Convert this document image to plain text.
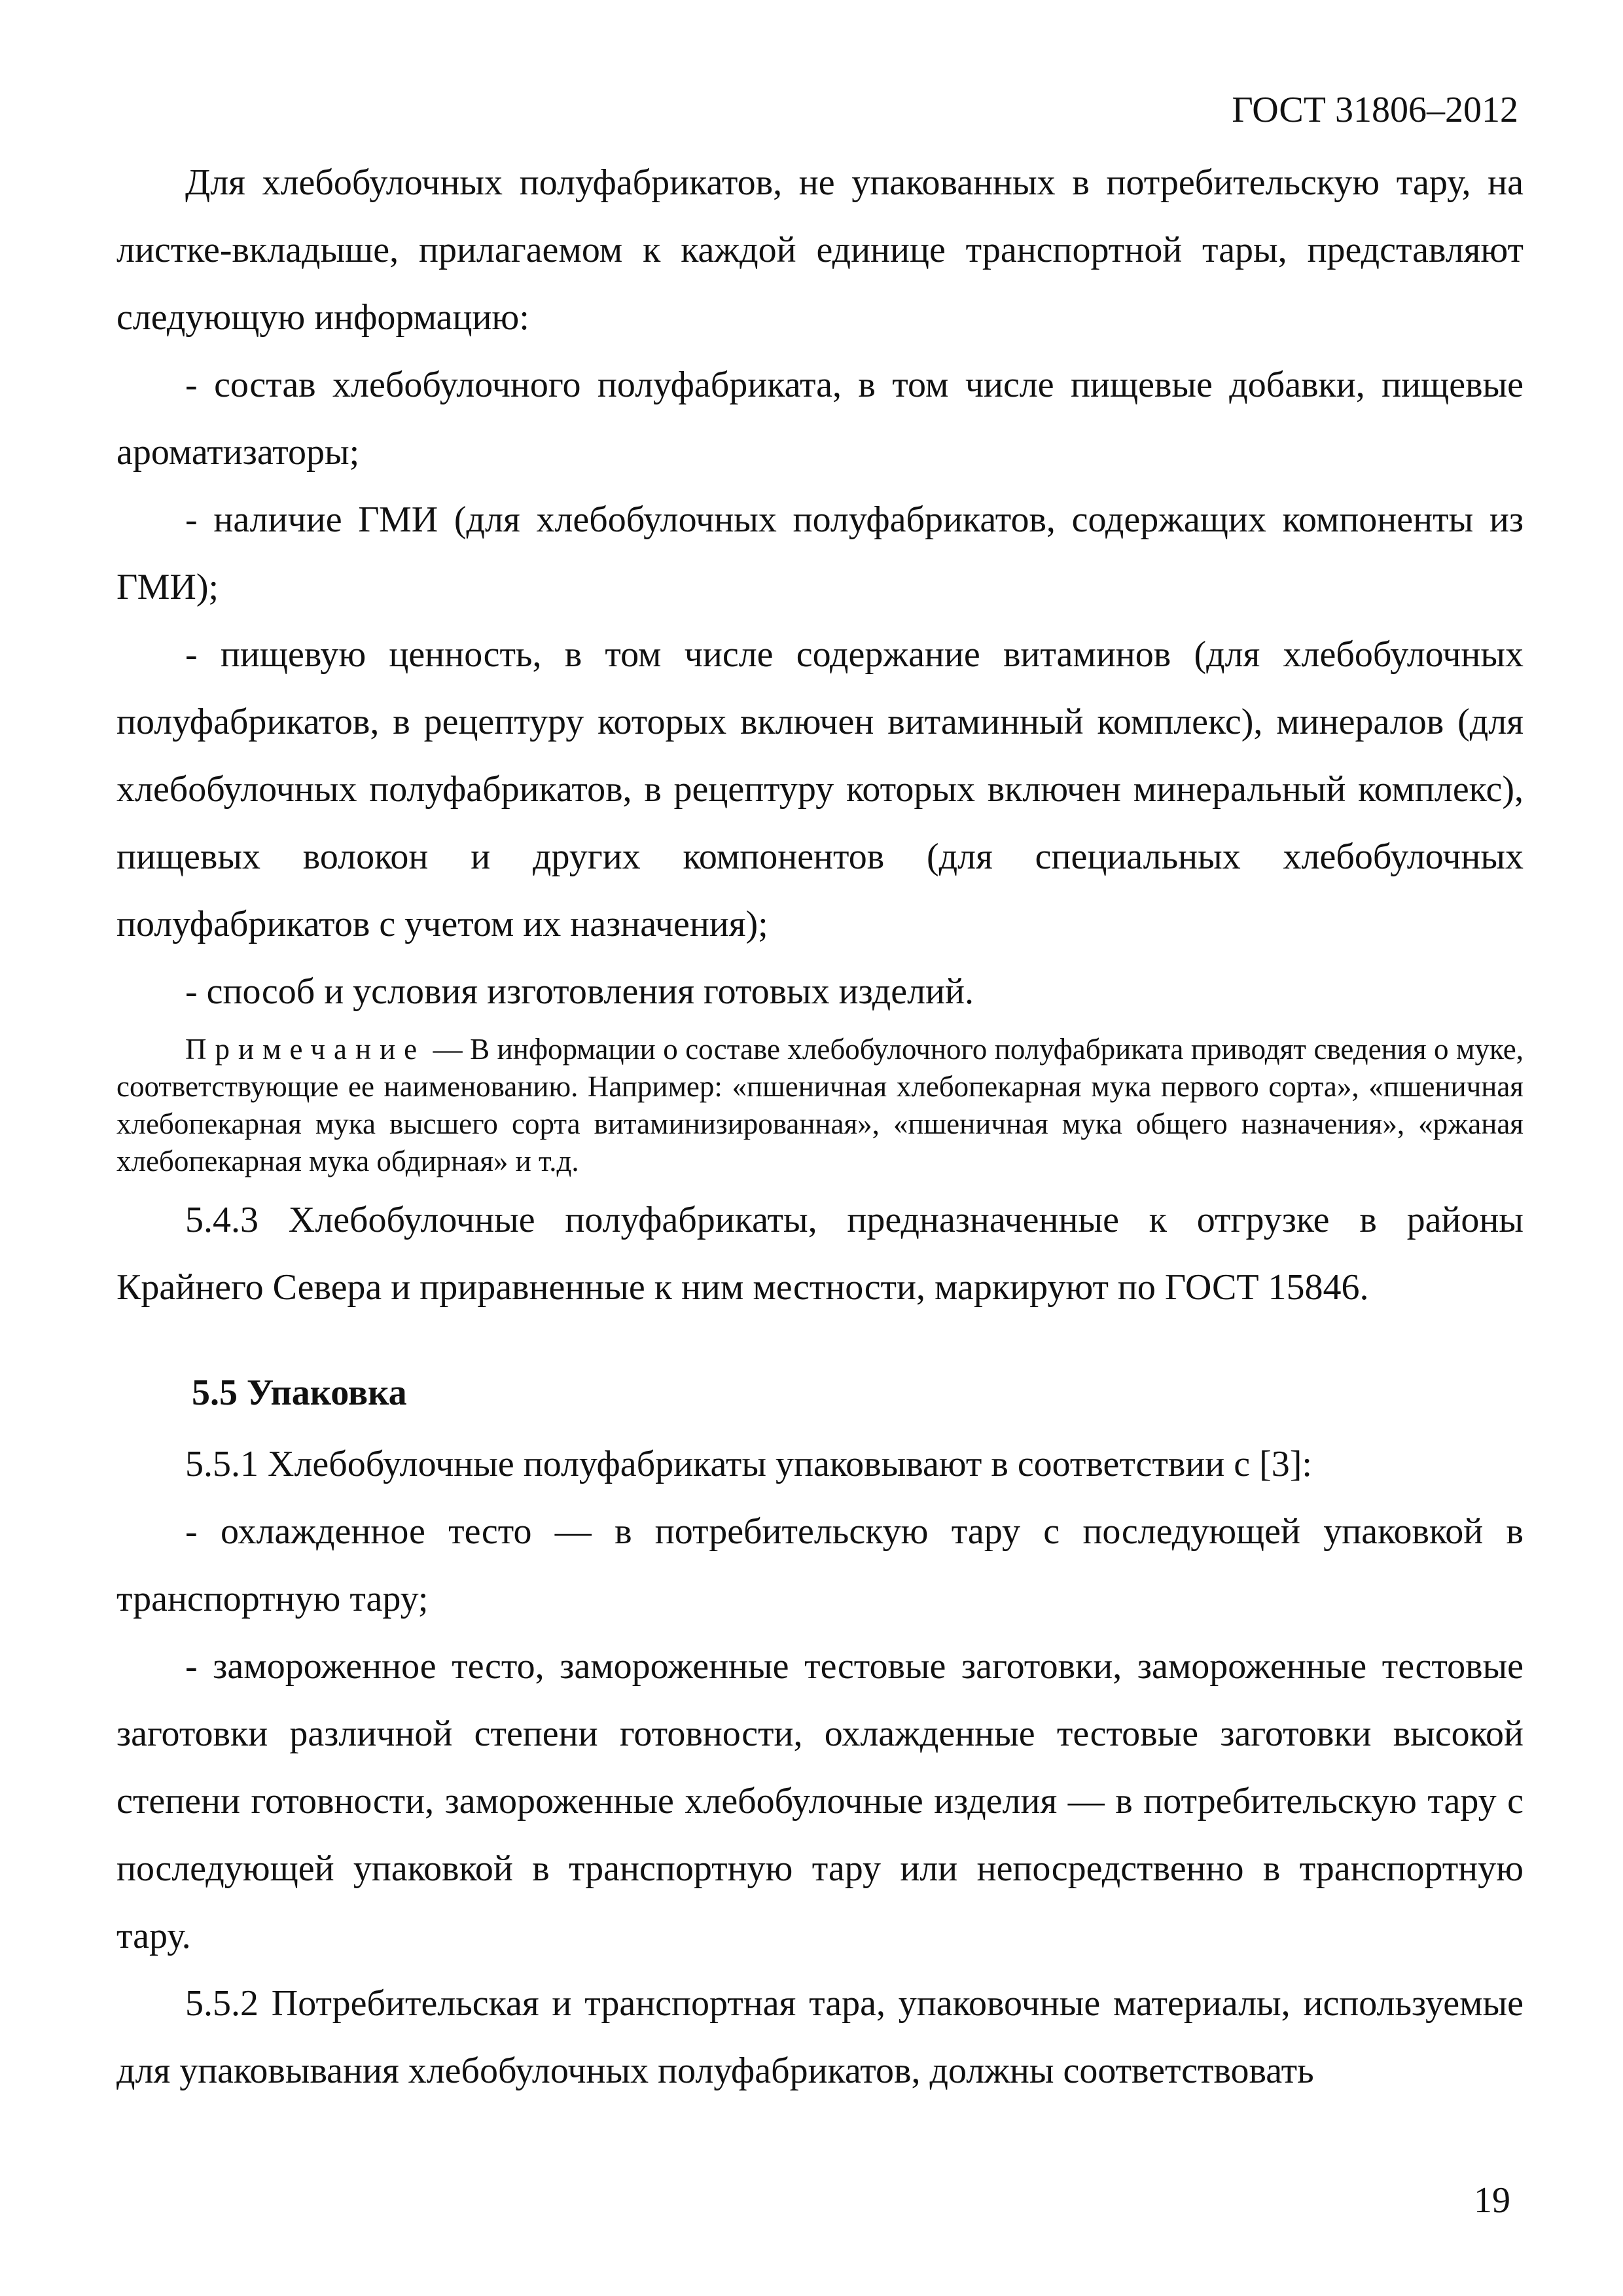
ГОСТ 31806–2012

Для хлебобулочных полуфабрикатов, не упакованных в потребительскую тару, на листке-вкладыше, прилагаемом к каждой единице транспортной тары, представляют следующую информацию:

- состав хлебобулочного полуфабриката, в том числе пищевые добавки, пищевые ароматизаторы;

- наличие ГМИ (для хлебобулочных полуфабрикатов, содержащих компоненты из ГМИ);

- пищевую ценность, в том числе содержание витаминов (для хлебобулочных полуфабрикатов, в рецептуру которых включен витаминный комплекс), минералов (для хлебобулочных полуфабрикатов, в рецептуру которых включен минеральный комплекс), пищевых волокон и других компонентов (для специальных хлебобулочных полуфабрикатов с учетом их назначения);

- способ и условия изготовления готовых изделий.

Примечание — В информации о составе хлебобулочного полуфабриката приводят сведения о муке, соответствующие ее наименованию. Например: «пшеничная хлебопекарная мука первого сорта», «пшеничная хлебопекарная мука высшего сорта витаминизированная», «пшеничная мука общего назначения», «ржаная хлебопекарная мука обдирная» и т.д.

5.4.3 Хлебобулочные полуфабрикаты, предназначенные к отгрузке в районы Крайнего Севера и приравненные к ним местности, маркируют по ГОСТ 15846.

5.5 Упаковка

5.5.1 Хлебобулочные полуфабрикаты упаковывают в соответствии с [3]:

- охлажденное тесто — в потребительскую тару с последующей упаковкой в транспортную тару;

- замороженное тесто, замороженные тестовые заготовки, замороженные тестовые заготовки различной степени готовности, охлажденные тестовые заготовки высокой степени готовности, замороженные хлебобулочные изделия — в потребительскую тару с последующей упаковкой в транспортную тару или непосредственно в транспортную тару.

5.5.2 Потребительская и транспортная тара, упаковочные материалы, используемые для упаковывания хлебобулочных полуфабрикатов, должны соответствовать

19
